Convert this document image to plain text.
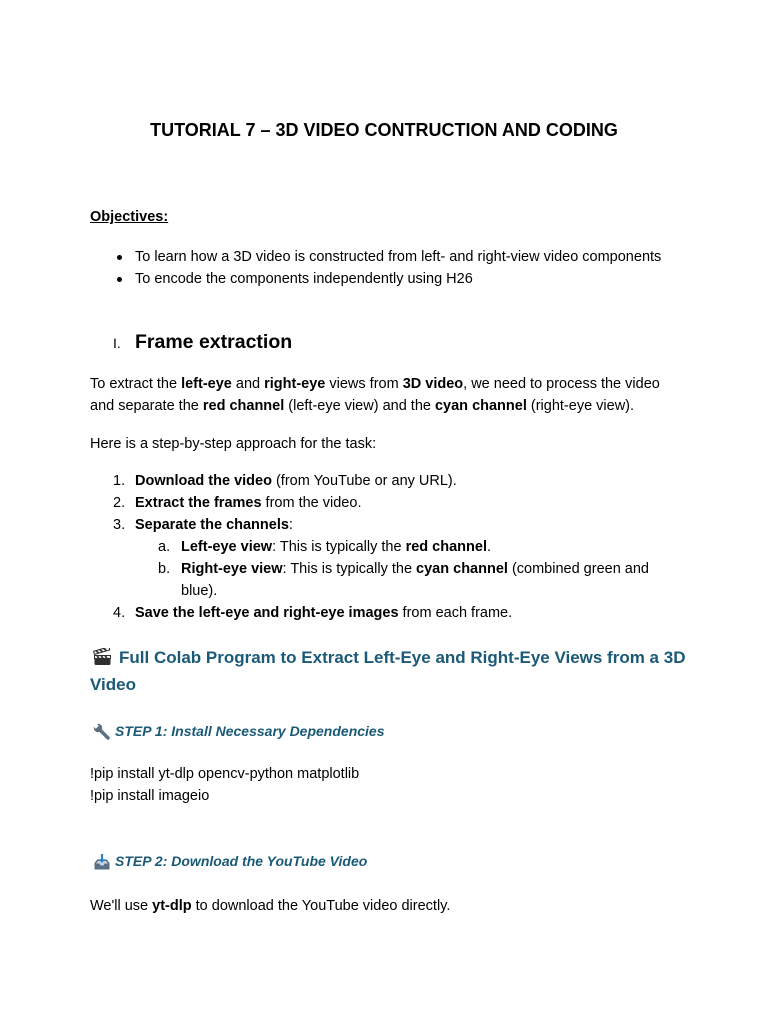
TUTORIAL 7 – 3D VIDEO CONTRUCTION AND CODING
Objectives:
To learn how a 3D video is constructed from left- and right-view video components
To encode the components independently using H26
I. Frame extraction

To extract the left-eye and right-eye views from 3D video, we need to process the video
and separate the red channel (left-eye view) and the cyan channel (right-eye view).

Here is a step-by-step approach for the task:

1. Download the video (from YouTube or any URL).
2. Extract the frames from the video.
3. Separate the channels:
a. Left-eye view: This is typically the red channel.
b. Right-eye view: This is typically the cyan channel (combined green and
blue).
4. Save the left-eye and right-eye images from each frame.
Full Colab Program to Extract Left-Eye and Right-Eye Views from a 3D Video
STEP 1: Install Necessary Dependencies
!pip install yt-dlp opencv-python matplotlib
!pip install imageio
STEP 2: Download the YouTube Video

We'll use yt-dlp to download the YouTube video directly.
